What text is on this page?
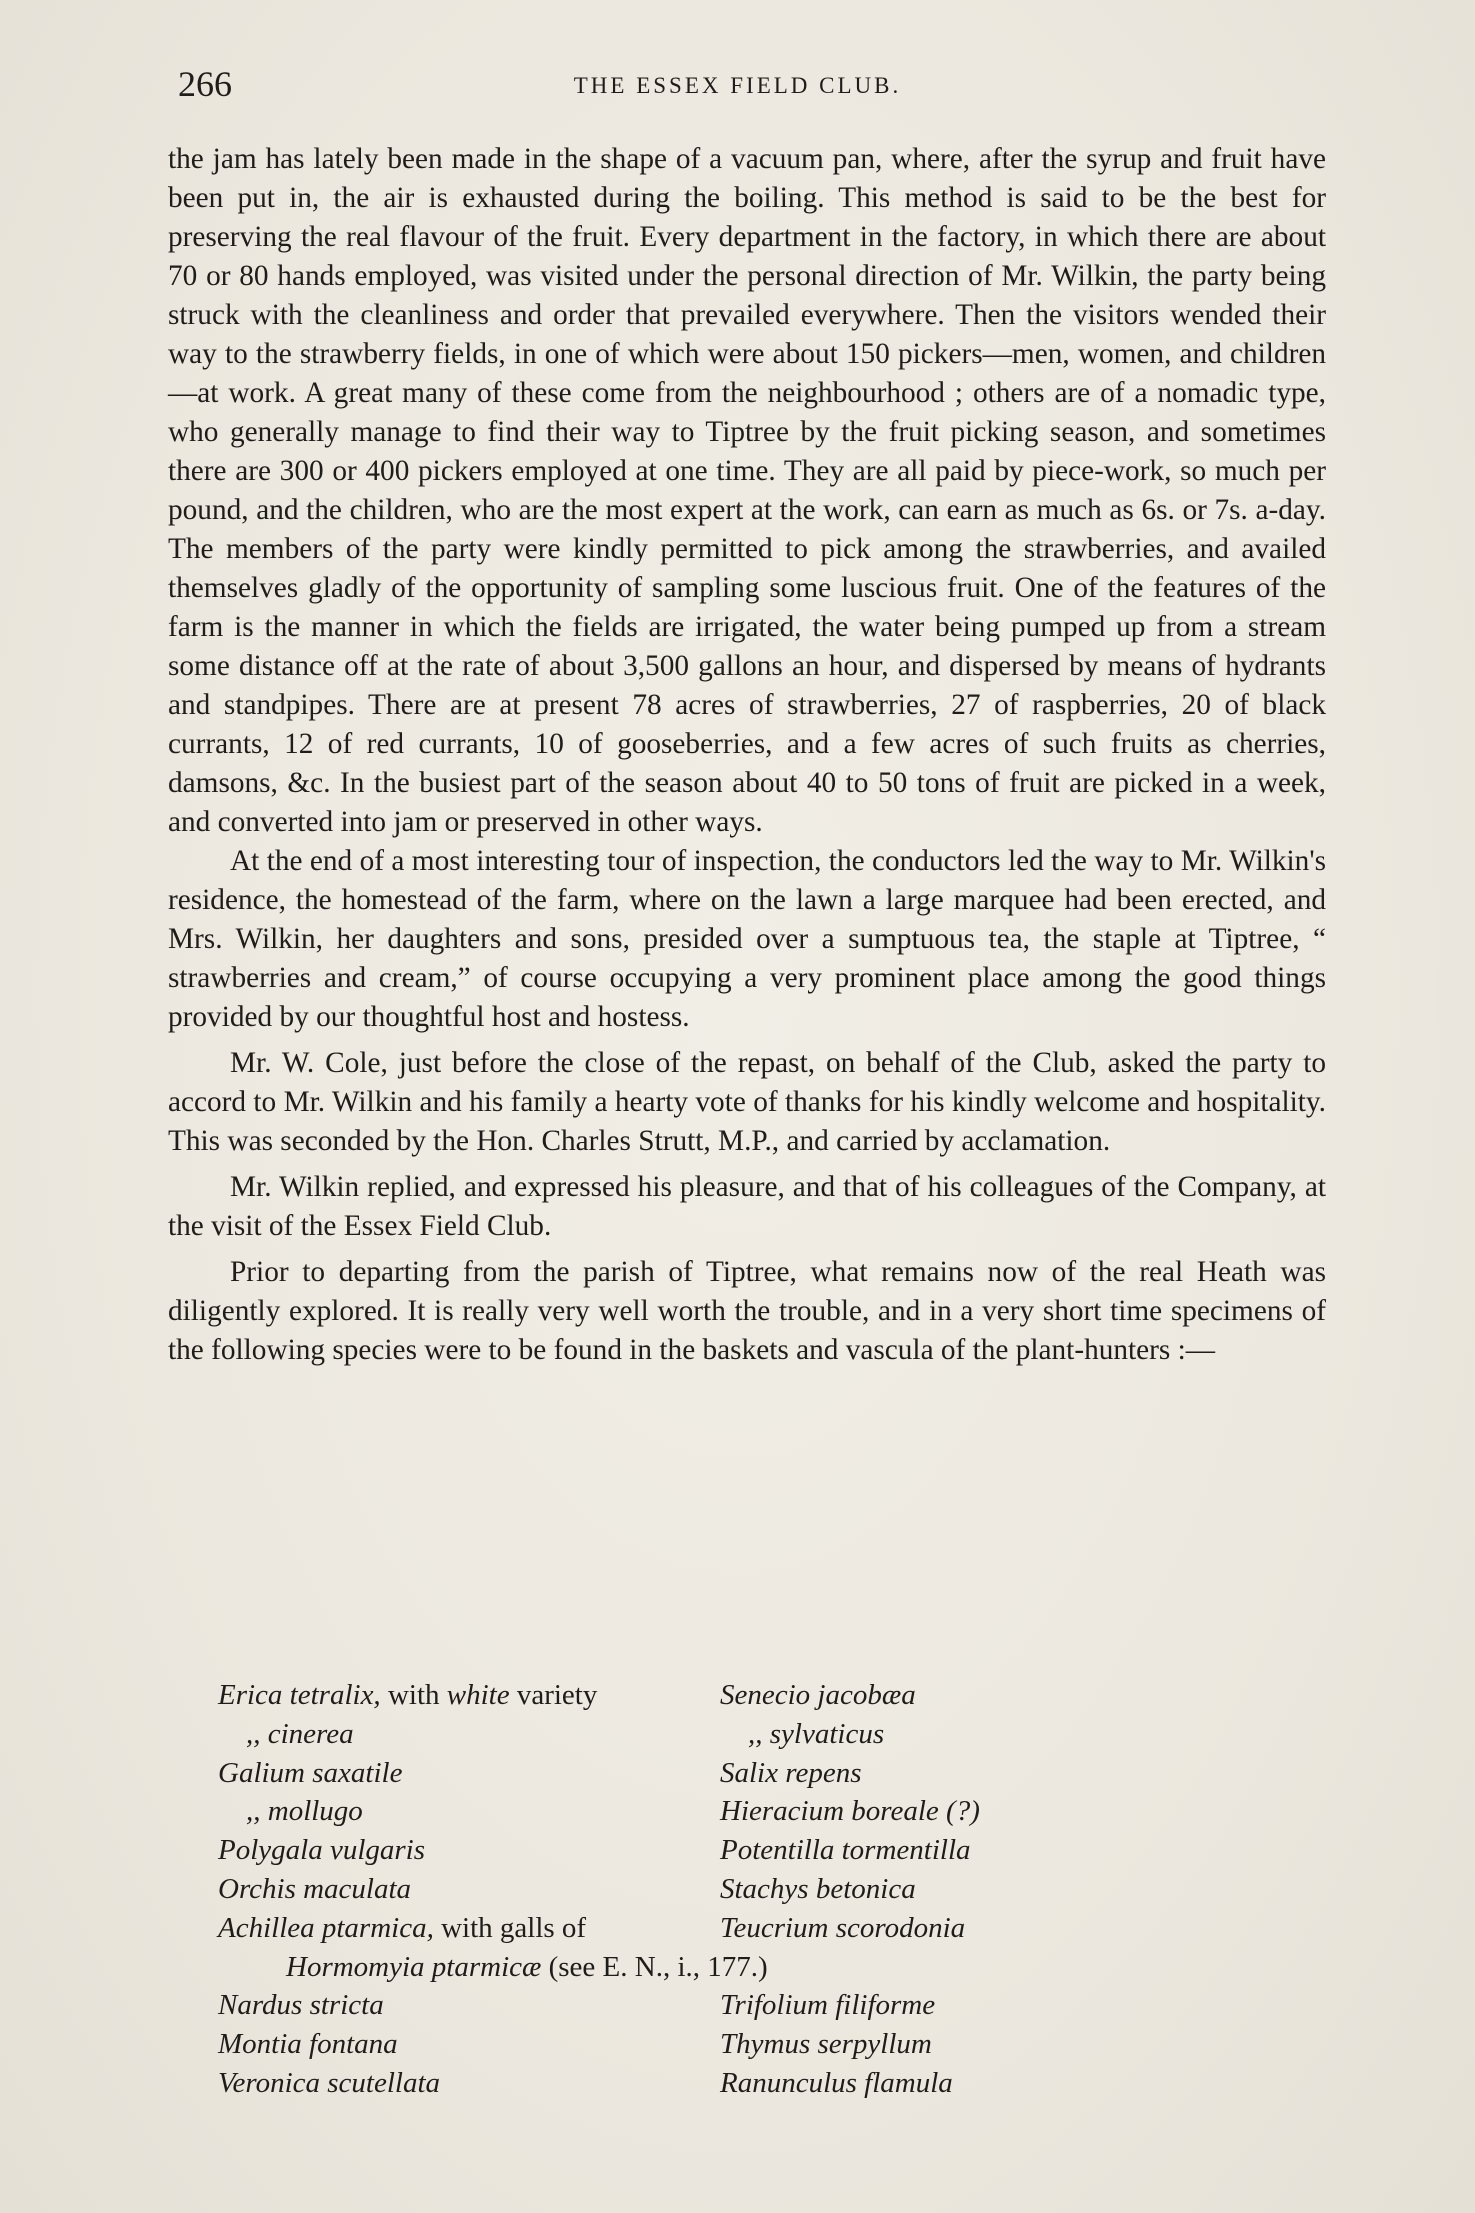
266	THE ESSEX FIELD CLUB.

the jam has lately been made in the shape of a vacuum pan, where, after the syrup and fruit have been put in, the air is exhausted during the boiling. This method is said to be the best for preserving the real flavour of the fruit. Every department in the factory, in which there are about 70 or 80 hands employed, was visited under the personal direction of Mr. Wilkin, the party being struck with the cleanliness and order that prevailed everywhere. Then the visitors wended their way to the strawberry fields, in one of which were about 150 pickers—men, women, and children—at work. A great many of these come from the neighbourhood ; others are of a nomadic type, who generally manage to find their way to Tiptree by the fruit picking season, and sometimes there are 300 or 400 pickers employed at one time. They are all paid by piece-work, so much per pound, and the children, who are the most expert at the work, can earn as much as 6s. or 7s. a-day. The members of the party were kindly permitted to pick among the strawberries, and availed themselves gladly of the opportunity of sampling some luscious fruit. One of the features of the farm is the manner in which the fields are irrigated, the water being pumped up from a stream some distance off at the rate of about 3,500 gallons an hour, and dispersed by means of hydrants and standpipes. There are at present 78 acres of strawberries, 27 of raspberries, 20 of black currants, 12 of red currants, 10 of gooseberries, and a few acres of such fruits as cherries, damsons, &c. In the busiest part of the season about 40 to 50 tons of fruit are picked in a week, and converted into jam or preserved in other ways.

At the end of a most interesting tour of inspection, the conductors led the way to Mr. Wilkin's residence, the homestead of the farm, where on the lawn a large marquee had been erected, and Mrs. Wilkin, her daughters and sons, presided over a sumptuous tea, the staple at Tiptree, “ strawberries and cream,” of course occupying a very prominent place among the good things provided by our thoughtful host and hostess.

Mr. W. Cole, just before the close of the repast, on behalf of the Club, asked the party to accord to Mr. Wilkin and his family a hearty vote of thanks for his kindly welcome and hospitality. This was seconded by the Hon. Charles Strutt, M.P., and carried by acclamation.

Mr. Wilkin replied, and expressed his pleasure, and that of his colleagues of the Company, at the visit of the Essex Field Club.

Prior to departing from the parish of Tiptree, what remains now of the real Heath was diligently explored. It is really very well worth the trouble, and in a very short time specimens of the following species were to be found in the baskets and vascula of the plant-hunters :—

Erica tetralix, with white variety
,, cinerea
Galium saxatile
,, mollugo
Polygala vulgaris
Orchis maculata
Achillea ptarmica, with galls of
Hormomyia ptarmicæ (see E. N., i., 177.)
Nardus stricta
Montia fontana
Veronica scutellata
Senecio jacobæa
,, sylvaticus
Salix repens
Hieracium boreale (?)
Potentilla tormentilla
Stachys betonica
Teucrium scorodonia
Trifolium filiforme
Thymus serpyllum
Ranunculus flamula
